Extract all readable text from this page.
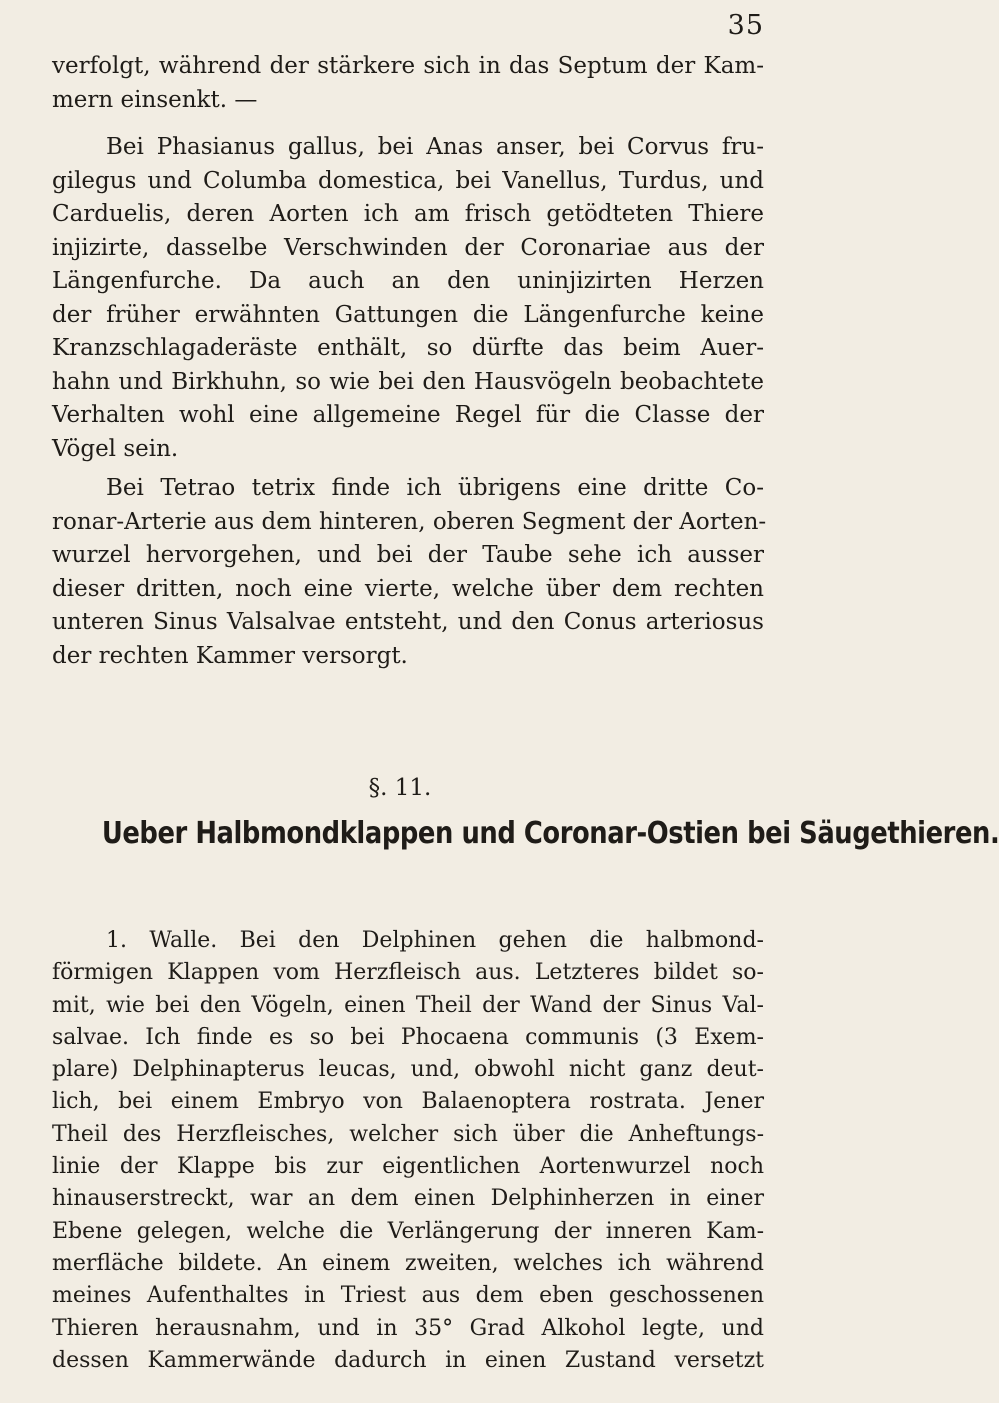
35
verfolgt, während der stärkere sich in das Septum der Kam-
mern einsenkt. —
Bei Phasianus gallus, bei Anas anser, bei Corvus fru-
gilegus und Columba domestica, bei Vanellus, Turdus, und
Carduelis, deren Aorten ich am frisch getödteten Thiere
injizirte, dasselbe Verschwinden der Coronariae aus der
Längenfurche. Da auch an den uninjizirten Herzen
der früher erwähnten Gattungen die Längenfurche keine
Kranzschlagaderäste enthält, so dürfte das beim Auer-
hahn und Birkhuhn, so wie bei den Hausvögeln beobachtete
Verhalten wohl eine allgemeine Regel für die Classe der
Vögel sein.
Bei Tetrao tetrix finde ich übrigens eine dritte Co-
ronar-Arterie aus dem hinteren, oberen Segment der Aorten-
wurzel hervorgehen, und bei der Taube sehe ich ausser
dieser dritten, noch eine vierte, welche über dem rechten
unteren Sinus Valsalvae entsteht, und den Conus arteriosus
der rechten Kammer versorgt.
§. 11.
Ueber Halbmondklappen und Coronar-Ostien bei Säugethieren.
1. Walle. Bei den Delphinen gehen die halbmond-
förmigen Klappen vom Herzfleisch aus. Letzteres bildet so-
mit, wie bei den Vögeln, einen Theil der Wand der Sinus Val-
salvae. Ich finde es so bei Phocaena communis (3 Exem-
plare) Delphinapterus leucas, und, obwohl nicht ganz deut-
lich, bei einem Embryo von Balaenoptera rostrata. Jener
Theil des Herzfleisches, welcher sich über die Anheftungs-
linie der Klappe bis zur eigentlichen Aortenwurzel noch
hinauserstreckt, war an dem einen Delphinherzen in einer
Ebene gelegen, welche die Verlängerung der inneren Kam-
merfläche bildete. An einem zweiten, welches ich während
meines Aufenthaltes in Triest aus dem eben geschossenen
Thieren herausnahm, und in 35° Grad Alkohol legte, und
dessen Kammerwände dadurch in einen Zustand versetzt
